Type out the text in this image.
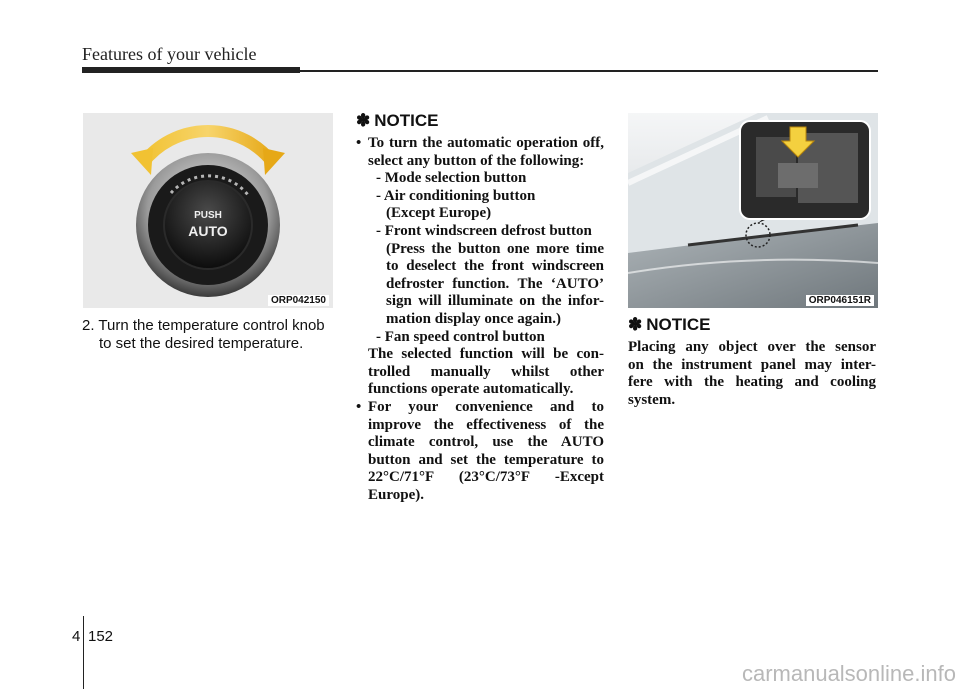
Features of your vehicle
PUSH
AUTO
ORP042150
2. Turn the temperature control knob
to set the desired temperature.
✽ NOTICE
• To turn the automatic operation off,

select any button of the following:

- Mode selection button

- Air conditioning button

(Except Europe)

- Front windscreen defrost button

(Press the button one more time

to deselect the front windscreen

defroster function. The ‘AUTO’

sign will illuminate on the infor-

mation display once again.)

- Fan speed control button

The selected function will be con-

trolled manually whilst other

functions operate automatically.

• For your convenience and to

improve the effectiveness of the

climate control, use the AUTO

button and set the temperature to

22°C/71°F (23°C/73°F -Except

Europe).

ORP046151R
✽ NOTICE

Placing any object over the sensor

on the instrument panel may inter-

fere with the heating and cooling

system.

4 152
carmanualsonline.info
